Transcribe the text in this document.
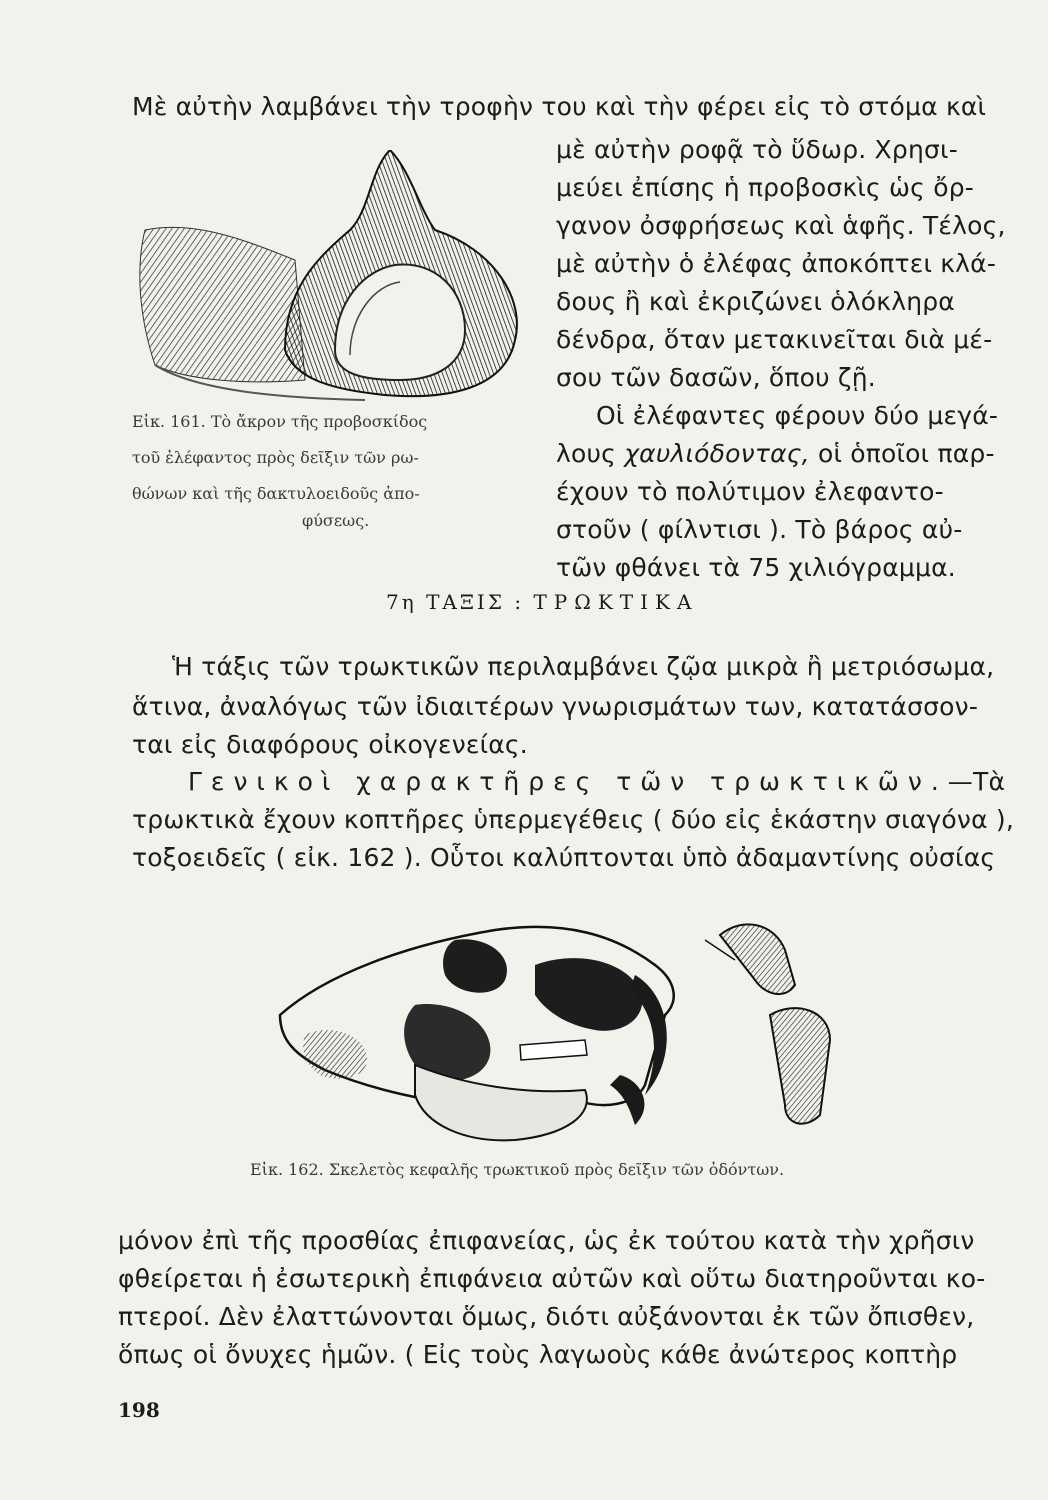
Μὲ αὐτὴν λαμβάνει τὴν τροφὴν του καὶ τὴν φέρει εἰς τὸ στόμα καὶ
μὲ αὐτὴν ροφᾷ τὸ ὕδωρ. Χρησι-
μεύει ἐπίσης ἡ προβοσκὶς ὡς ὄρ-
γανον ὀσφρήσεως καὶ ἁφῆς. Τέλος,
μὲ αὐτὴν ὁ ἐλέφας ἀποκόπτει κλά-
δους ἢ καὶ ἐκριζώνει ὁλόκληρα
δένδρα, ὅταν μετακινεῖται διὰ μέ-
σου τῶν δασῶν, ὅπου ζῇ.
Οἱ ἐλέφαντες φέρουν δύο μεγά-
λους χαυλιόδοντας, οἱ ὁποῖοι παρ-
έχουν τὸ πολύτιμον ἐλεφαντο-
στοῦν ( φίλντισι ). Τὸ βάρος αὐ-
τῶν φθάνει τὰ 75 χιλιόγραμμα.
Εἰκ. 161. Τὸ ἄκρον τῆς προβοσκίδος
τοῦ ἐλέφαντος πρὸς δεῖξιν τῶν ρω-
θώνων καὶ τῆς δακτυλοειδοῦς ἀπο-
φύσεως.
7η ΤΑΞΙΣ : ΤΡΩΚΤΙΚΑ
Ἡ τάξις τῶν τρωκτικῶν περιλαμβάνει ζῷα μικρὰ ἢ μετριόσωμα,
ἅτινα, ἀναλόγως τῶν ἰδιαιτέρων γνωρισμάτων των, κατατάσσον-
ται εἰς διαφόρους οἰκογενείας.
Γενικοὶ χαρακτῆρες τῶν τρωκτικῶν.—Τὰ
τρωκτικὰ ἔχουν κοπτῆρες ὑπερμεγέθεις ( δύο εἰς ἑκάστην σιαγόνα ),
τοξοειδεῖς ( εἰκ. 162 ). Οὗτοι καλύπτονται ὑπὸ ἀδαμαντίνης οὐσίας
Εἰκ. 162. Σκελετὸς κεφαλῆς τρωκτικοῦ πρὸς δεῖξιν τῶν ὀδόντων.
μόνον ἐπὶ τῆς προσθίας ἐπιφανείας, ὡς ἐκ τούτου κατὰ τὴν χρῆσιν
φθείρεται ἡ ἐσωτερικὴ ἐπιφάνεια αὐτῶν καὶ οὕτω διατηροῦνται κο-
πτεροί. Δὲν ἐλαττώνονται ὅμως, διότι αὐξάνονται ἐκ τῶν ὄπισθεν,
ὅπως οἱ ὄνυχες ἡμῶν. ( Εἰς τοὺς λαγωοὺς κάθε ἀνώτερος κοπτὴρ
198
